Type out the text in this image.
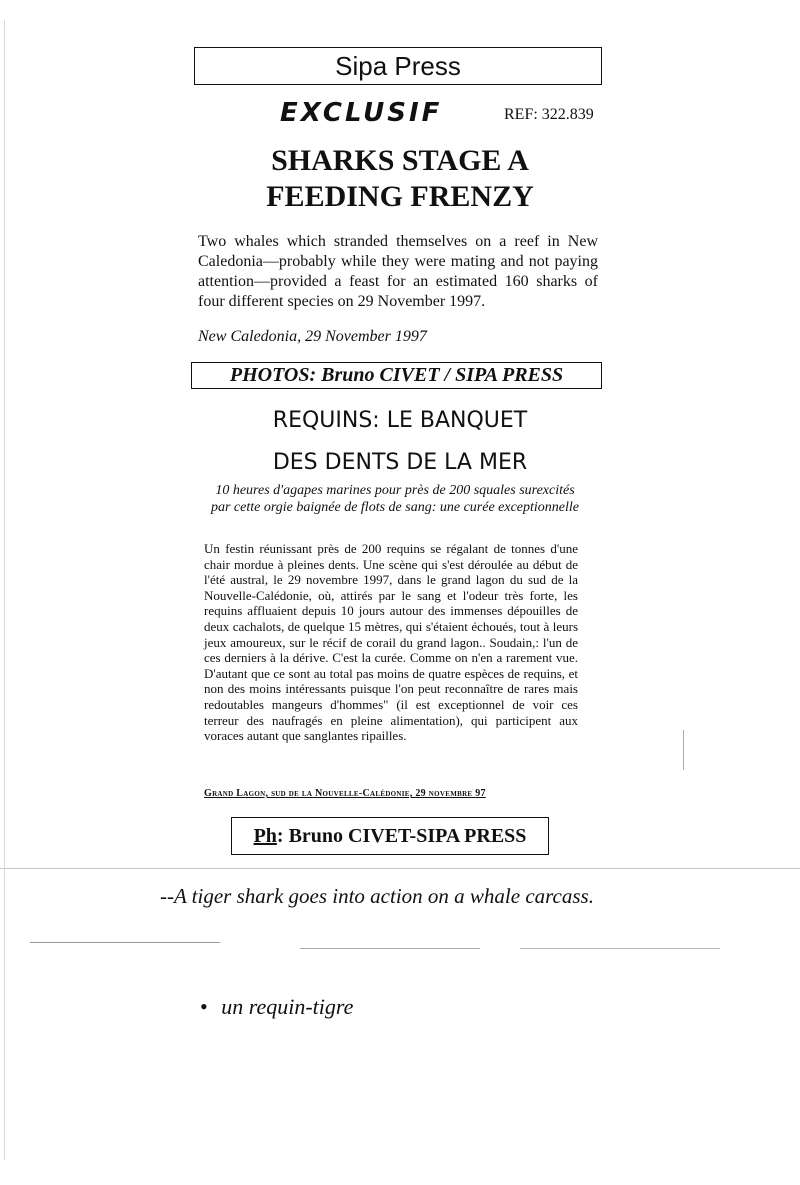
Sipa Press
EXCLUSIF	REF: 322.839
SHARKS STAGE A
FEEDING FRENZY
Two whales which stranded themselves on a reef in New Caledonia—probably while they were mating and not paying attention—provided a feast for an estimated 160 sharks of four different species on 29 November 1997.
New Caledonia, 29 November 1997
PHOTOS: Bruno CIVET / SIPA PRESS
REQUINS: LE BANQUET
DES DENTS DE LA MER
10 heures d'agapes marines pour près de 200 squales surexcités par cette orgie baignée de flots de sang: une curée exceptionnelle
Un festin réunissant près de 200 requins se régalant de tonnes d'une chair mordue à pleines dents. Une scène qui s'est déroulée au début de l'été austral, le 29 novembre 1997, dans le grand lagon du sud de la Nouvelle-Calédonie, où, attirés par le sang et l'odeur très forte, les requins affluaient depuis 10 jours autour des immenses dépouilles de deux cachalots, de quelque 15 mètres, qui s'étaient échoués, tout à leurs jeux amoureux, sur le récif de corail du grand lagon.. Soudain,: l'un de ces derniers à la dérive. C'est la curée. Comme on n'en a rarement vue. D'autant que ce sont au total pas moins de quatre espèces de requins, et non des moins intéressants puisque l'on peut reconnaître de rares mais redoutables mangeurs d'hommes" (il est exceptionnel de voir ces terreur des naufragés en pleine alimentation), qui participent aux voraces autant que sanglantes ripailles.
Grand Lagon, sud de la Nouvelle-Calédonie, 29 novembre 97
Ph : Bruno CIVET-SIPA PRESS
--A tiger shark goes into action on a whale carcass.
• un requin-tigre
